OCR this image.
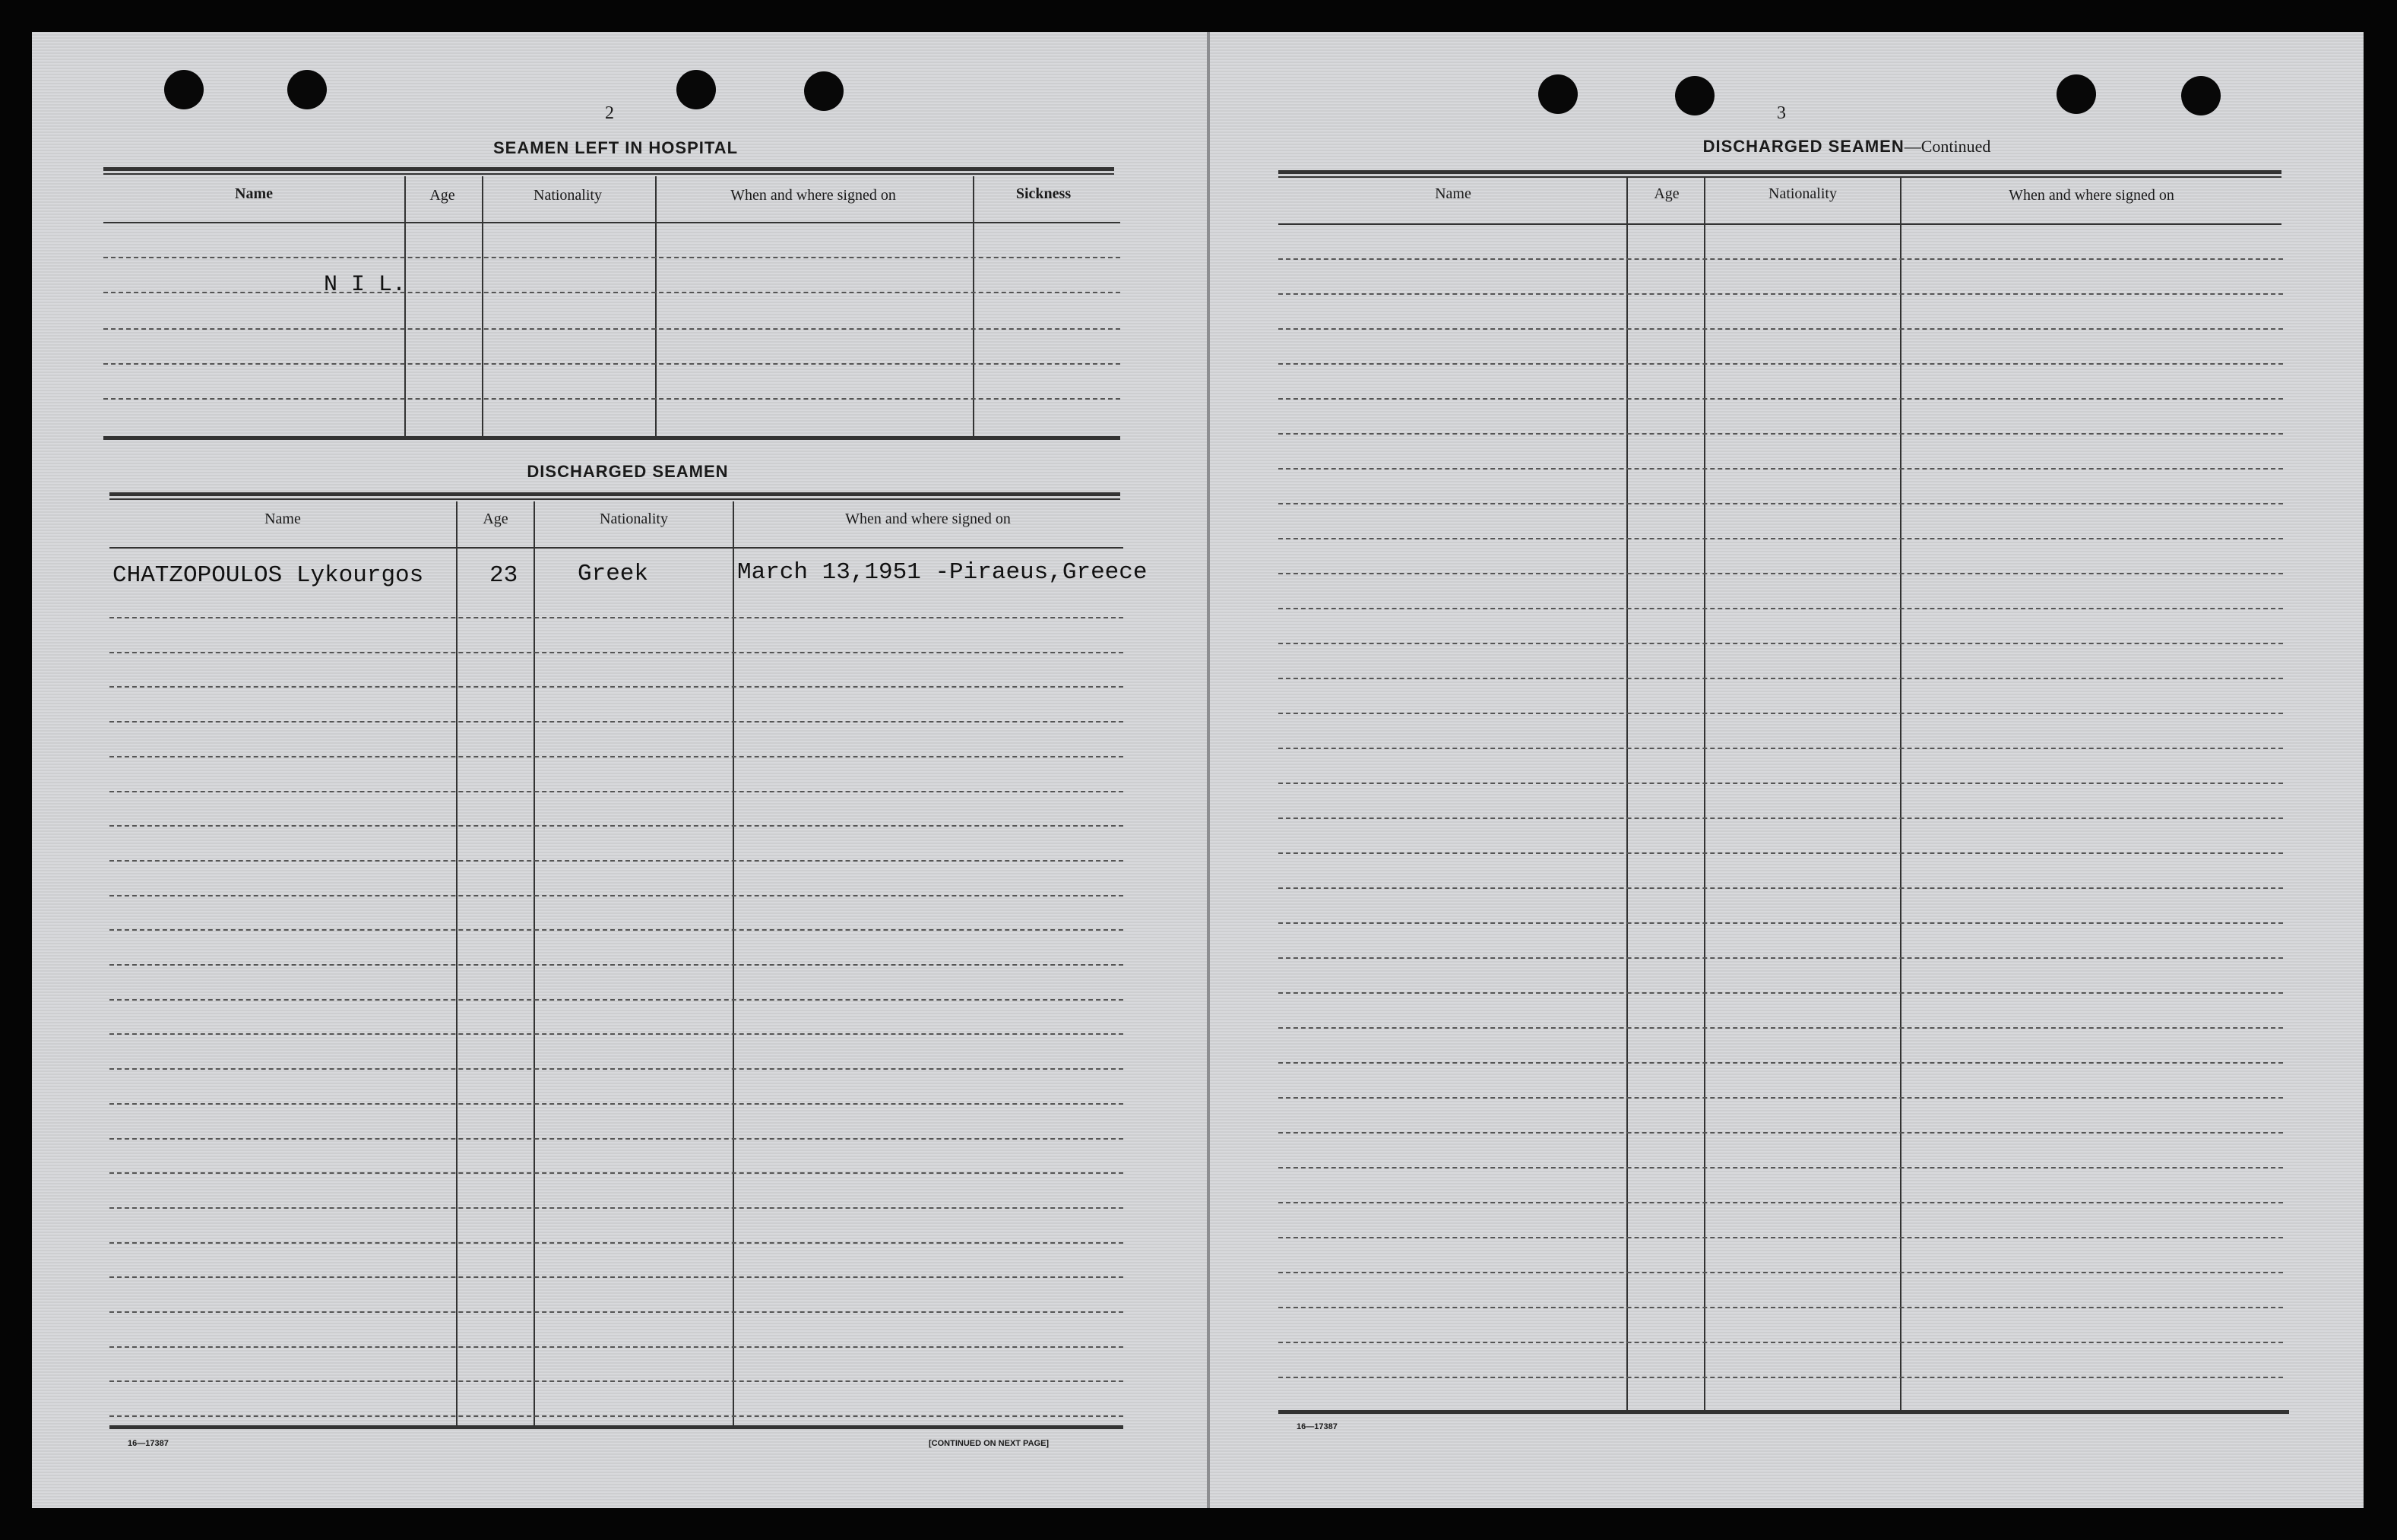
2
SEAMEN LEFT IN HOSPITAL
Name	Age	Nationality	When and where signed on	Sickness
N I L.
DISCHARGED SEAMEN
Name	Age	Nationality	When and where signed on
CHATZOPOULOS Lykourgos	23	Greek	March 13,1951 -Piraeus,Greece
16—17387	[CONTINUED ON NEXT PAGE]
3
DISCHARGED SEAMEN—Continued
Name	Age	Nationality	When and where signed on
16—17387
